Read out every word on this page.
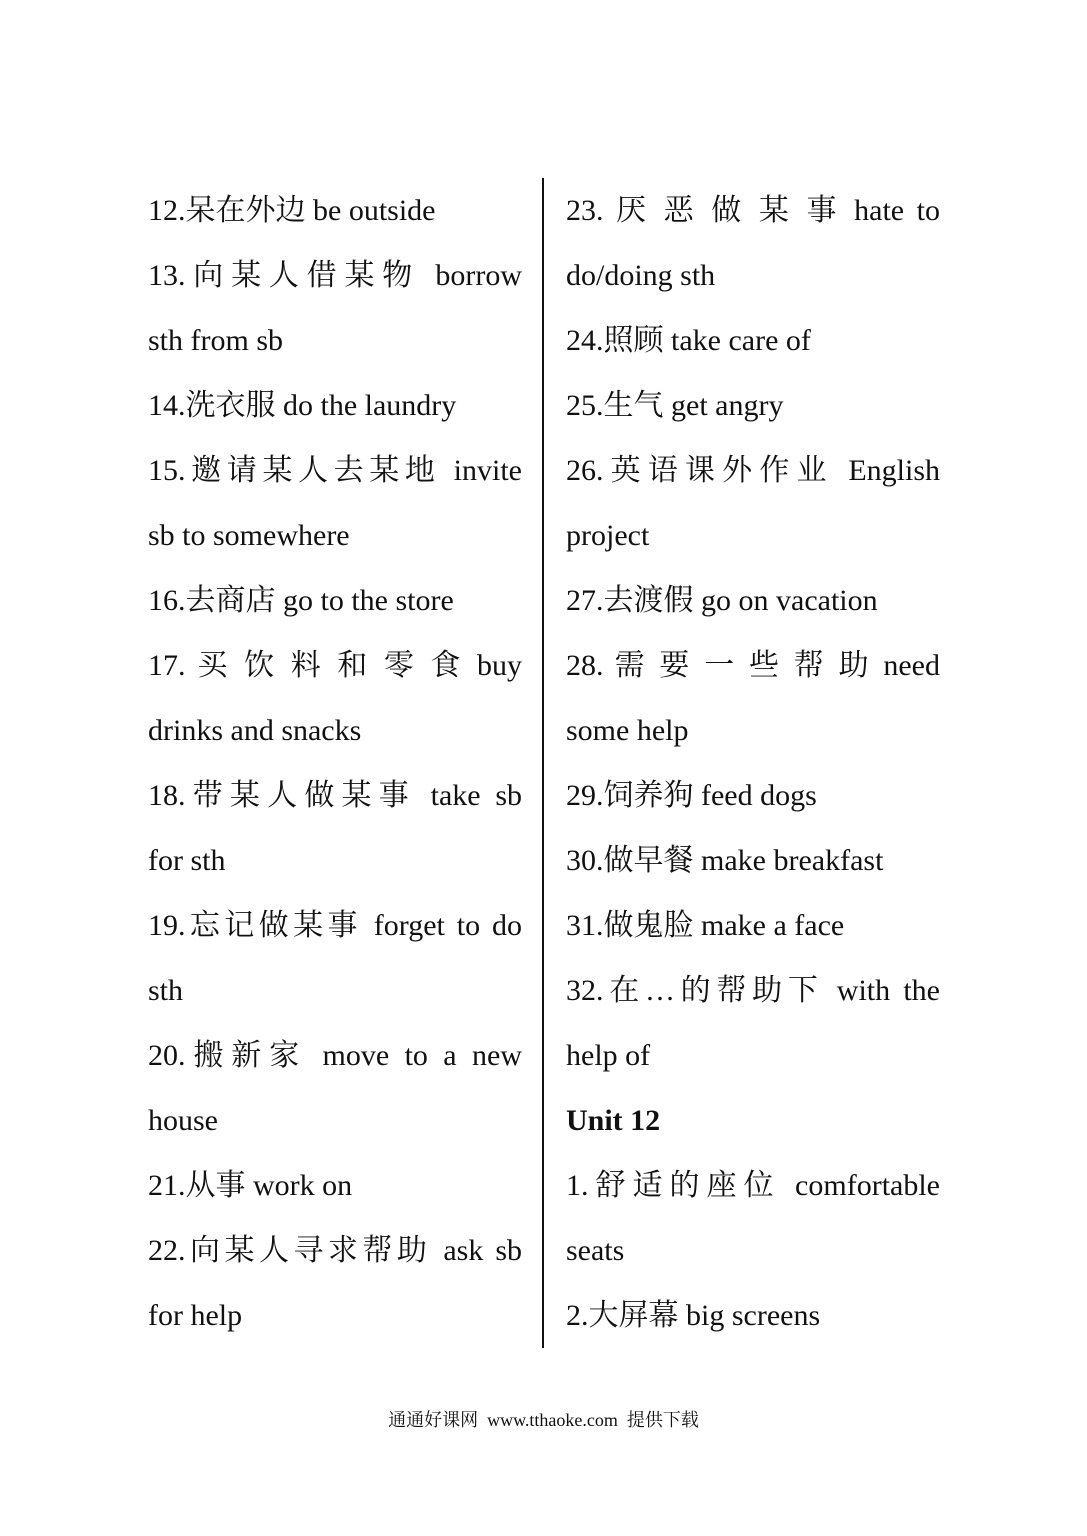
12.呆在外边 be outside
13.向某人借某物 borrow
sth from sb
14.洗衣服 do the laundry
15.邀请某人去某地 invite
sb to somewhere
16.去商店 go to the store
17. 买 饮 料 和 零 食 buy
drinks and snacks
18.带某人做某事 take sb
for sth
19.忘记做某事 forget to do
sth
20.搬新家 move to a new
house
21.从事 work on
22.向某人寻求帮助 ask sb
for help
23. 厌 恶 做 某 事 hate to
do/doing sth
24.照顾 take care of
25.生气 get angry
26.英语课外作业 English
project
27.去渡假 go on vacation
28. 需 要 一 些 帮 助 need
some help
29.饲养狗 feed dogs
30.做早餐 make breakfast
31.做鬼脸 make a face
32.在…的帮助下 with the
help of
Unit 12
1.舒适的座位 comfortable
seats
2.大屏幕 big screens
通通好课网  www.tthaoke.com  提供下载
